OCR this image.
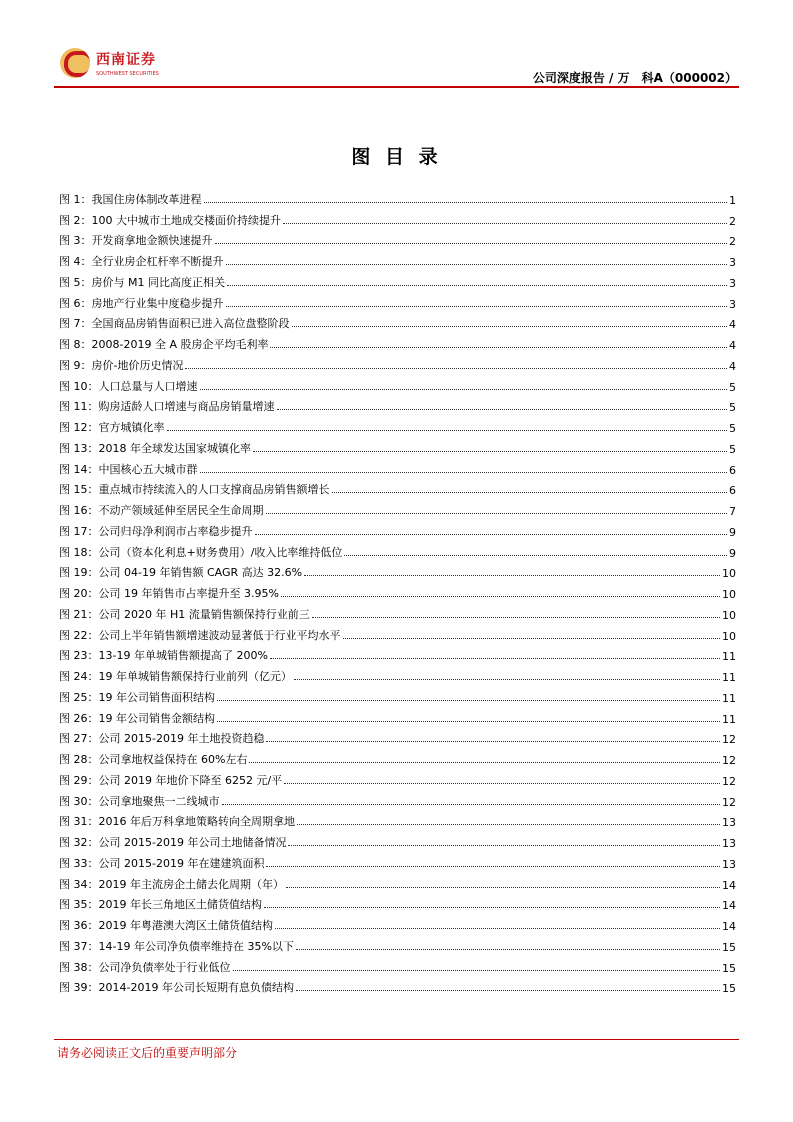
西南证券
SOUTHWEST SECURITIES	公司深度报告 / 万　科A（000002）
图 目 录
图 1：我国住房体制改革进程	1
图 2：100 大中城市土地成交楼面价持续提升	2
图 3：开发商拿地金额快速提升	2
图 4：全行业房企杠杆率不断提升	3
图 5：房价与 M1 同比高度正相关	3
图 6：房地产行业集中度稳步提升	3
图 7：全国商品房销售面积已进入高位盘整阶段	4
图 8：2008-2019 全 A 股房企平均毛利率	4
图 9：房价-地价历史情况	4
图 10：人口总量与人口增速	5
图 11：购房适龄人口增速与商品房销量增速	5
图 12：官方城镇化率	5
图 13：2018 年全球发达国家城镇化率	5
图 14：中国核心五大城市群	6
图 15：重点城市持续流入的人口支撑商品房销售额增长	6
图 16：不动产领域延伸至居民全生命周期	7
图 17：公司归母净利润市占率稳步提升	9
图 18：公司（资本化利息+财务费用）/收入比率维持低位	9
图 19：公司 04-19 年销售额 CAGR 高达 32.6%	10
图 20：公司 19 年销售市占率提升至 3.95%	10
图 21：公司 2020 年 H1 流量销售额保持行业前三	10
图 22：公司上半年销售额增速波动显著低于行业平均水平	10
图 23：13-19 年单城销售额提高了 200%	11
图 24：19 年单城销售额保持行业前列（亿元）	11
图 25：19 年公司销售面积结构	11
图 26：19 年公司销售金额结构	11
图 27：公司 2015-2019 年土地投资趋稳	12
图 28：公司拿地权益保持在 60%左右	12
图 29：公司 2019 年地价下降至 6252 元/平	12
图 30：公司拿地聚焦一二线城市	12
图 31：2016 年后万科拿地策略转向全周期拿地	13
图 32：公司 2015-2019 年公司土地储备情况	13
图 33：公司 2015-2019 年在建建筑面积	13
图 34：2019 年主流房企土储去化周期（年）	14
图 35：2019 年长三角地区土储货值结构	14
图 36：2019 年粤港澳大湾区土储货值结构	14
图 37：14-19 年公司净负债率维持在 35%以下	15
图 38：公司净负债率处于行业低位	15
图 39：2014-2019 年公司长短期有息负债结构	15
请务必阅读正文后的重要声明部分
